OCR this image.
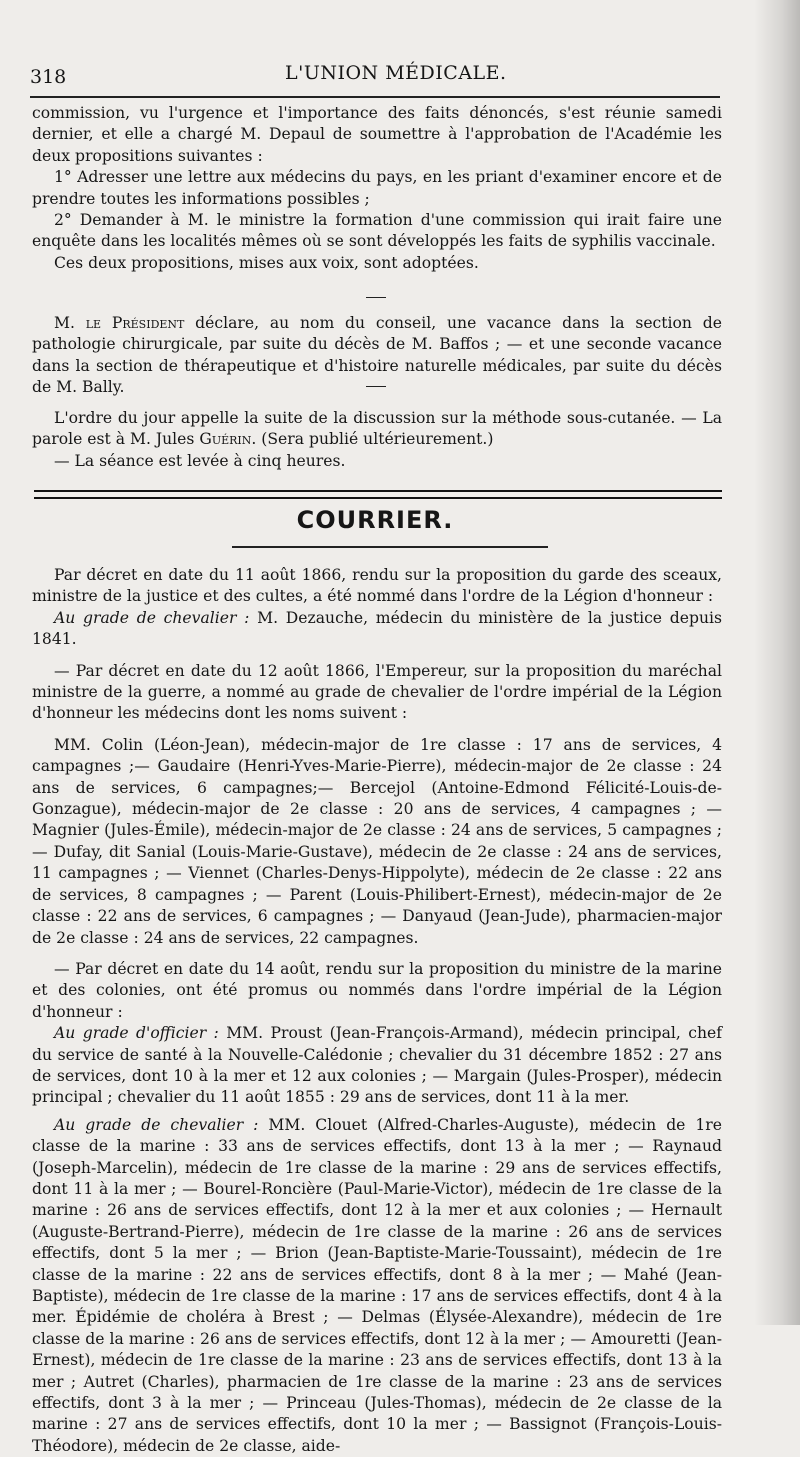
318	L'UNION MÉDICALE.

commission, vu l'urgence et l'importance des faits dénoncés, s'est réunie samedi dernier, et elle a chargé M. Depaul de soumettre à l'approbation de l'Académie les deux propositions suivantes :

1° Adresser une lettre aux médecins du pays, en les priant d'examiner encore et de prendre toutes les informations possibles ;

2° Demander à M. le ministre la formation d'une commission qui irait faire une enquête dans les localités mêmes où se sont développés les faits de syphilis vaccinale.

Ces deux propositions, mises aux voix, sont adoptées.

M. le Président déclare, au nom du conseil, une vacance dans la section de pathologie chirurgicale, par suite du décès de M. Baffos ; — et une seconde vacance dans la section de thérapeutique et d'histoire naturelle médicales, par suite du décès de M. Bally.

L'ordre du jour appelle la suite de la discussion sur la méthode sous-cutanée. — La parole est à M. Jules Guérin. (Sera publié ultérieurement.)

— La séance est levée à cinq heures.

COURRIER.

Par décret en date du 11 août 1866, rendu sur la proposition du garde des sceaux, ministre de la justice et des cultes, a été nommé dans l'ordre de la Légion d'honneur :

Au grade de chevalier : M. Dezauche, médecin du ministère de la justice depuis 1841.

— Par décret en date du 12 août 1866, l'Empereur, sur la proposition du maréchal ministre de la guerre, a nommé au grade de chevalier de l'ordre impérial de la Légion d'honneur les médecins dont les noms suivent :

MM. Colin (Léon-Jean), médecin-major de 1re classe : 17 ans de services, 4 campagnes ;— Gaudaire (Henri-Yves-Marie-Pierre), médecin-major de 2e classe : 24 ans de services, 6 campagnes;— Bercejol (Antoine-Edmond Félicité-Louis-de-Gonzague), médecin-major de 2e classe : 20 ans de services, 4 campagnes ; — Magnier (Jules-Émile), médecin-major de 2e classe : 24 ans de services, 5 campagnes ; — Dufay, dit Sanial (Louis-Marie-Gustave), médecin de 2e classe : 24 ans de services, 11 campagnes ; — Viennet (Charles-Denys-Hippolyte), médecin de 2e classe : 22 ans de services, 8 campagnes ; — Parent (Louis-Philibert-Ernest), médecin-major de 2e classe : 22 ans de services, 6 campagnes ; — Danyaud (Jean-Jude), pharmacien-major de 2e classe : 24 ans de services, 22 campagnes.

— Par décret en date du 14 août, rendu sur la proposition du ministre de la marine et des colonies, ont été promus ou nommés dans l'ordre impérial de la Légion d'honneur :

Au grade d'officier : MM. Proust (Jean-François-Armand), médecin principal, chef du service de santé à la Nouvelle-Calédonie ; chevalier du 31 décembre 1852 : 27 ans de services, dont 10 à la mer et 12 aux colonies ; — Margain (Jules-Prosper), médecin principal ; chevalier du 11 août 1855 : 29 ans de services, dont 11 à la mer.

Au grade de chevalier : MM. Clouet (Alfred-Charles-Auguste), médecin de 1re classe de la marine : 33 ans de services effectifs, dont 13 à la mer ; — Raynaud (Joseph-Marcelin), médecin de 1re classe de la marine : 29 ans de services effectifs, dont 11 à la mer ; — Bourel-Roncière (Paul-Marie-Victor), médecin de 1re classe de la marine : 26 ans de services effectifs, dont 12 à la mer et aux colonies ; — Hernault (Auguste-Bertrand-Pierre), médecin de 1re classe de la marine : 26 ans de services effectifs, dont 5 la mer ; — Brion (Jean-Baptiste-Marie-Toussaint), médecin de 1re classe de la marine : 22 ans de services effectifs, dont 8 à la mer ; — Mahé (Jean-Baptiste), médecin de 1re classe de la marine : 17 ans de services effectifs, dont 4 à la mer. Épidémie de choléra à Brest ; — Delmas (Élysée-Alexandre), médecin de 1re classe de la marine : 26 ans de services effectifs, dont 12 à la mer ; — Amouretti (Jean-Ernest), médecin de 1re classe de la marine : 23 ans de services effectifs, dont 13 à la mer ; Autret (Charles), pharmacien de 1re classe de la marine : 23 ans de services effectifs, dont 3 à la mer ; — Princeau (Jules-Thomas), médecin de 2e classe de la marine : 27 ans de services effectifs, dont 10 la mer ; — Bassignot (François-Louis-Théodore), médecin de 2e classe, aide-
